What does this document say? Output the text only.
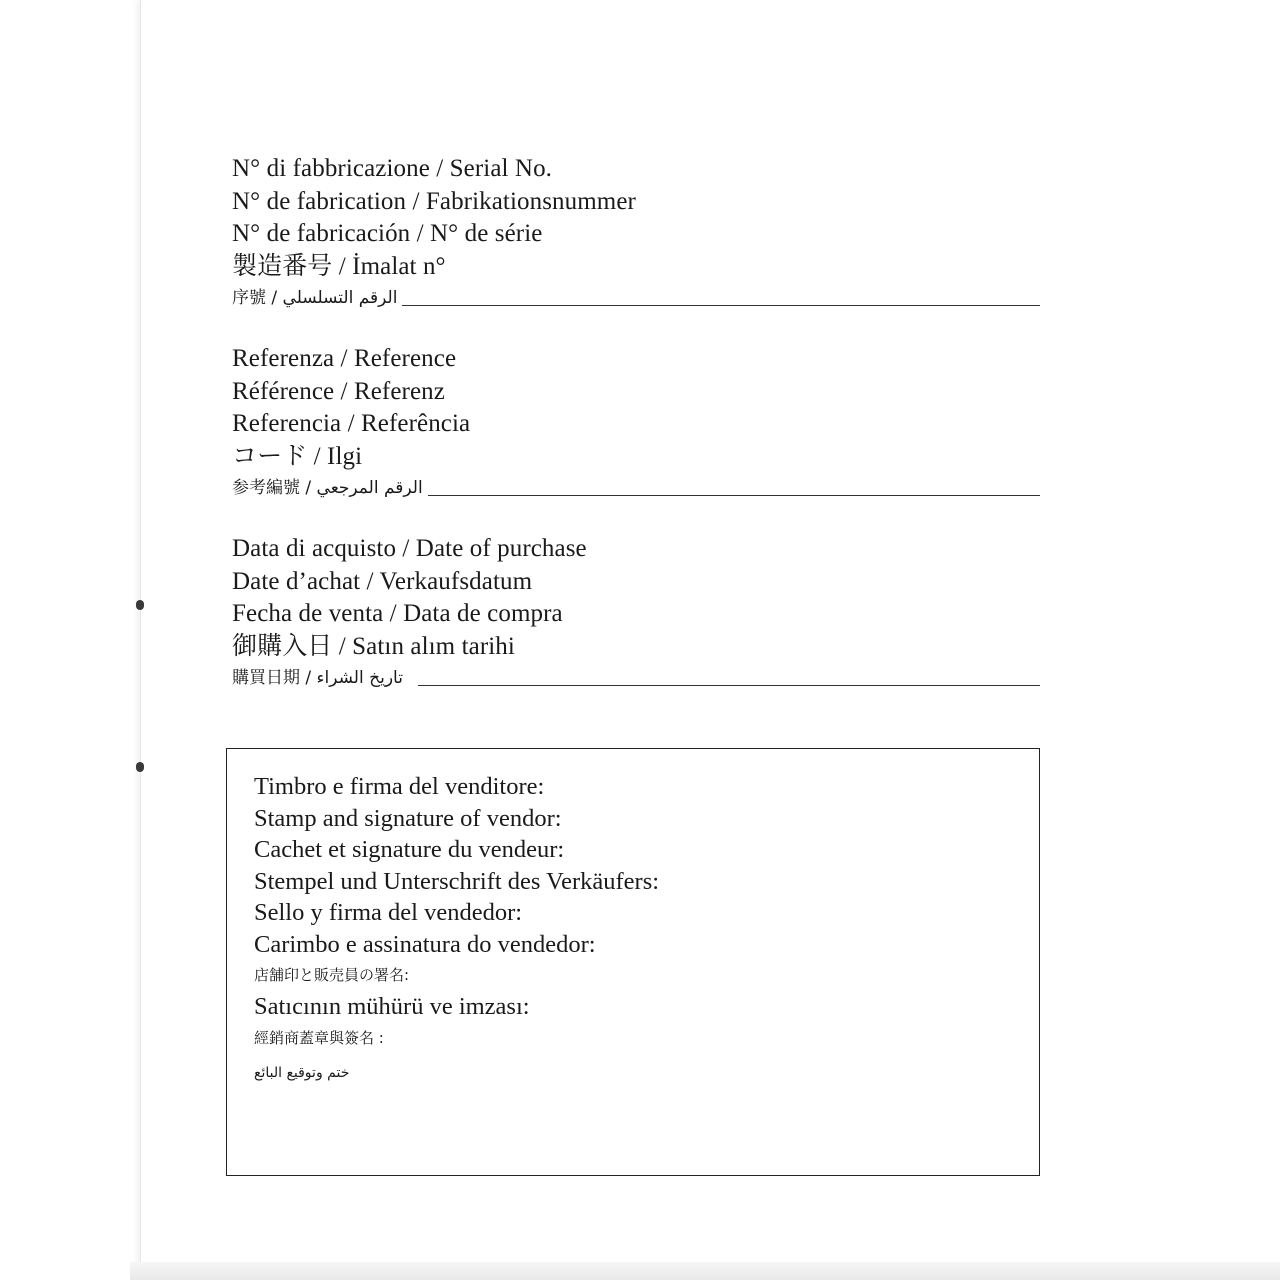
N° di fabbricazione / Serial No.
N° de fabrication / Fabrikationsnummer
N° de fabricación / N° de série
製造番号 / İmalat n°
序號 / الرقم التسلسلي
Referenza / Reference
Référence / Referenz
Referencia / Referência
コード / Ilgi
参考編號 / الرقم المرجعي
Data di acquisto / Date of purchase
Date d’achat / Verkaufsdatum
Fecha de venta / Data de compra
御購入日 / Satın alım tarihi
購買日期 / تاريخ الشراء
Timbro e firma del venditore:
Stamp and signature of vendor:
Cachet et signature du vendeur:
Stempel und Unterschrift des Verkäufers:
Sello y firma del vendedor:
Carimbo e assinatura do vendedor:
店舗印と販売員の署名:
Satıcının mühürü ve imzası:
經銷商蓋章與簽名 :
ختم وتوقيع البائع
